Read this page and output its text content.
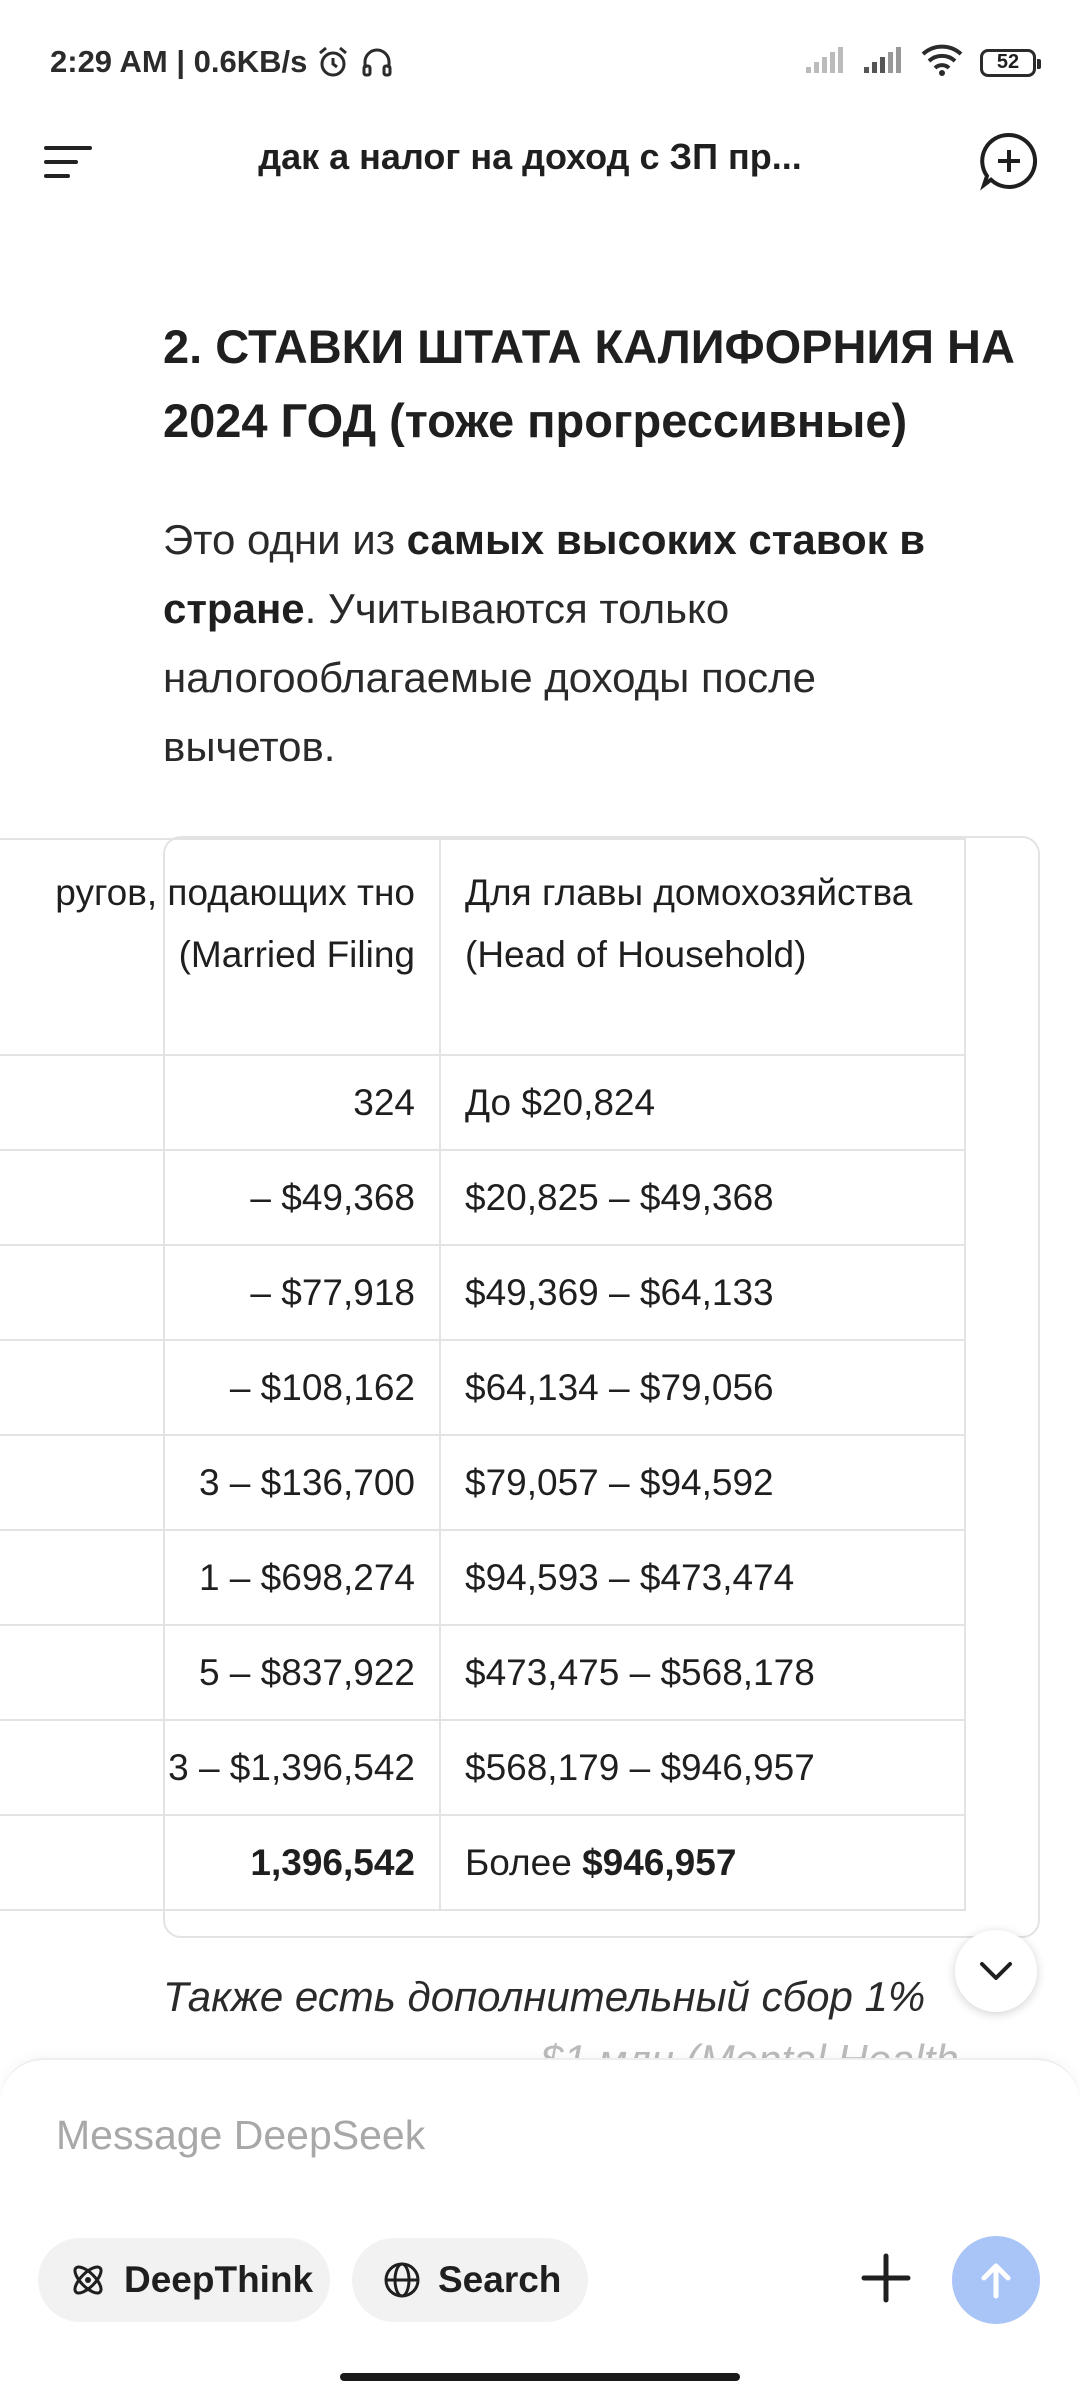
2:29 AM | 0.6KB/s	52
дак а налог на доход с ЗП пр...
2. СТАВКИ ШТАТА КАЛИФОРНИЯ НА 2024 ГОД (тоже прогрессивные)
Это одни из самых высоких ставок в стране. Учитываются только налогооблагаемые доходы после вычетов.
ругов, подающих тно (Married Filing	Для главы домохозяйства (Head of Household)
324	До $20,824
– $49,368	$20,825 – $49,368
– $77,918	$49,369 – $64,133
– $108,162	$64,134 – $79,056
3 – $136,700	$79,057 – $94,592
1 – $698,274	$94,593 – $473,474
5 – $837,922	$473,475 – $568,178
3 – $1,396,542	$568,179 – $946,957
1,396,542	Более $946,957
Также есть дополнительный сбор 1%
Message DeepSeek
DeepThink	Search
